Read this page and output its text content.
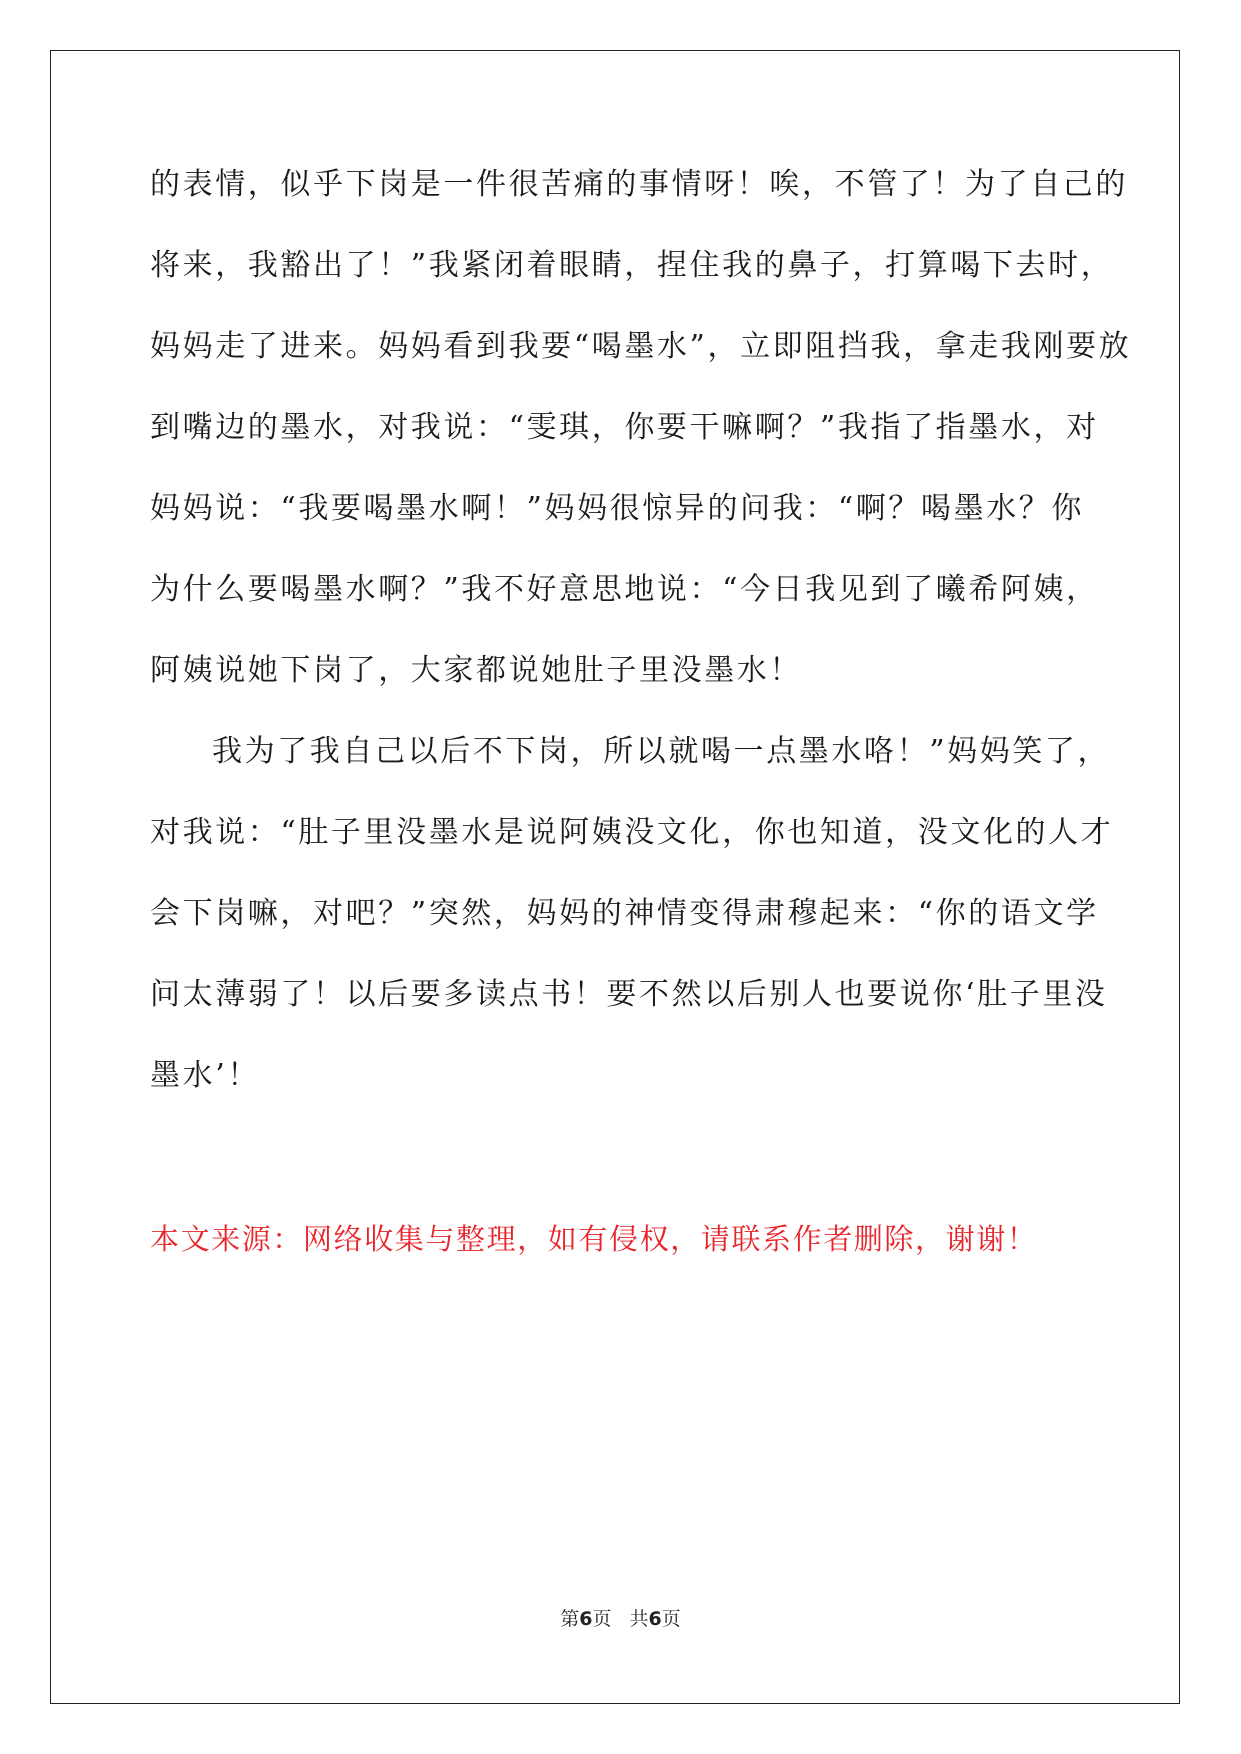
的表情，似乎下岗是一件很苦痛的事情呀！唉，不管了！为了自己的
将来，我豁出了！”我紧闭着眼睛，捏住我的鼻子，打算喝下去时，
妈妈走了进来。妈妈看到我要“喝墨水”，立即阻挡我，拿走我刚要放
到嘴边的墨水，对我说：“雯琪，你要干嘛啊？”我指了指墨水，对
妈妈说：“我要喝墨水啊！”妈妈很惊异的问我：“啊？喝墨水？你
为什么要喝墨水啊？”我不好意思地说：“今日我见到了曦希阿姨，
阿姨说她下岗了，大家都说她肚子里没墨水！
我为了我自己以后不下岗，所以就喝一点墨水咯！”妈妈笑了，
对我说：“肚子里没墨水是说阿姨没文化，你也知道，没文化的人才
会下岗嘛，对吧？”突然，妈妈的神情变得肃穆起来：“你的语文学
问太薄弱了！以后要多读点书！要不然以后别人也要说你‘肚子里没
墨水’！

本文来源：网络收集与整理，如有侵权，请联系作者删除，谢谢！

第6页 共6页
